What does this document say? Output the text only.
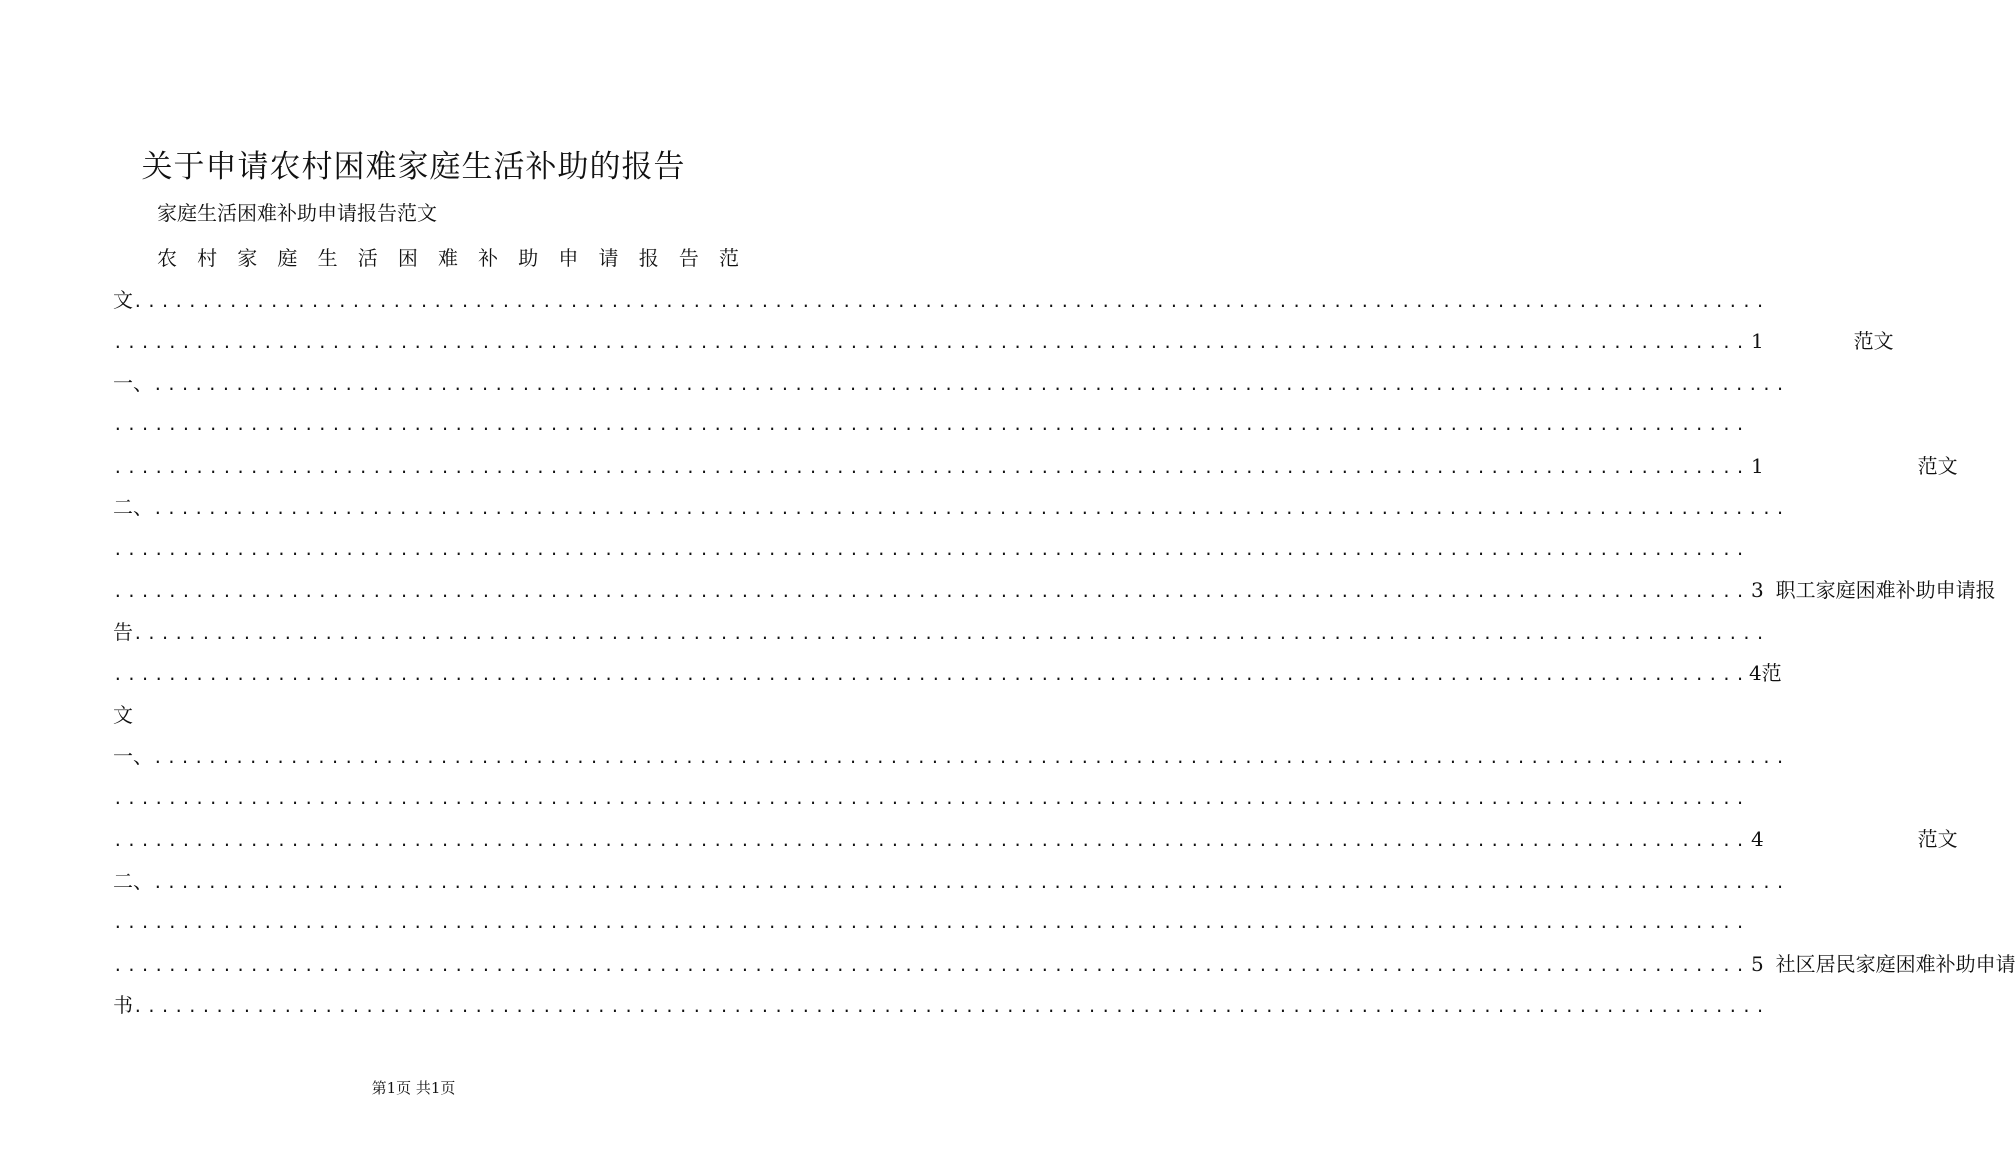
关于申请农村困难家庭生活补助的报告
家庭生活困难补助申请报告范文
农 村 家 庭 生 活 困 难 补 助 申 请 报 告 范
文 ........................................................................................................................
........................................................................................................................ 1	范 文
一、 ........................................................................................................................
........................................................................................................................
........................................................................................................................ 1	范 文
二、 ........................................................................................................................
........................................................................................................................
........................................................................................................................ 3 职 工 家 庭 困 难 补 助 申 请 报
告 ........................................................................................................................
........................................................................................................................ 4范
文
一、 ........................................................................................................................
........................................................................................................................
........................................................................................................................ 4	范 文
二、 ........................................................................................................................
........................................................................................................................
........................................................................................................................ 5 社 区 居 民 家 庭 困 难 补 助 申 请
书 ........................................................................................................................
第1页 共1页
